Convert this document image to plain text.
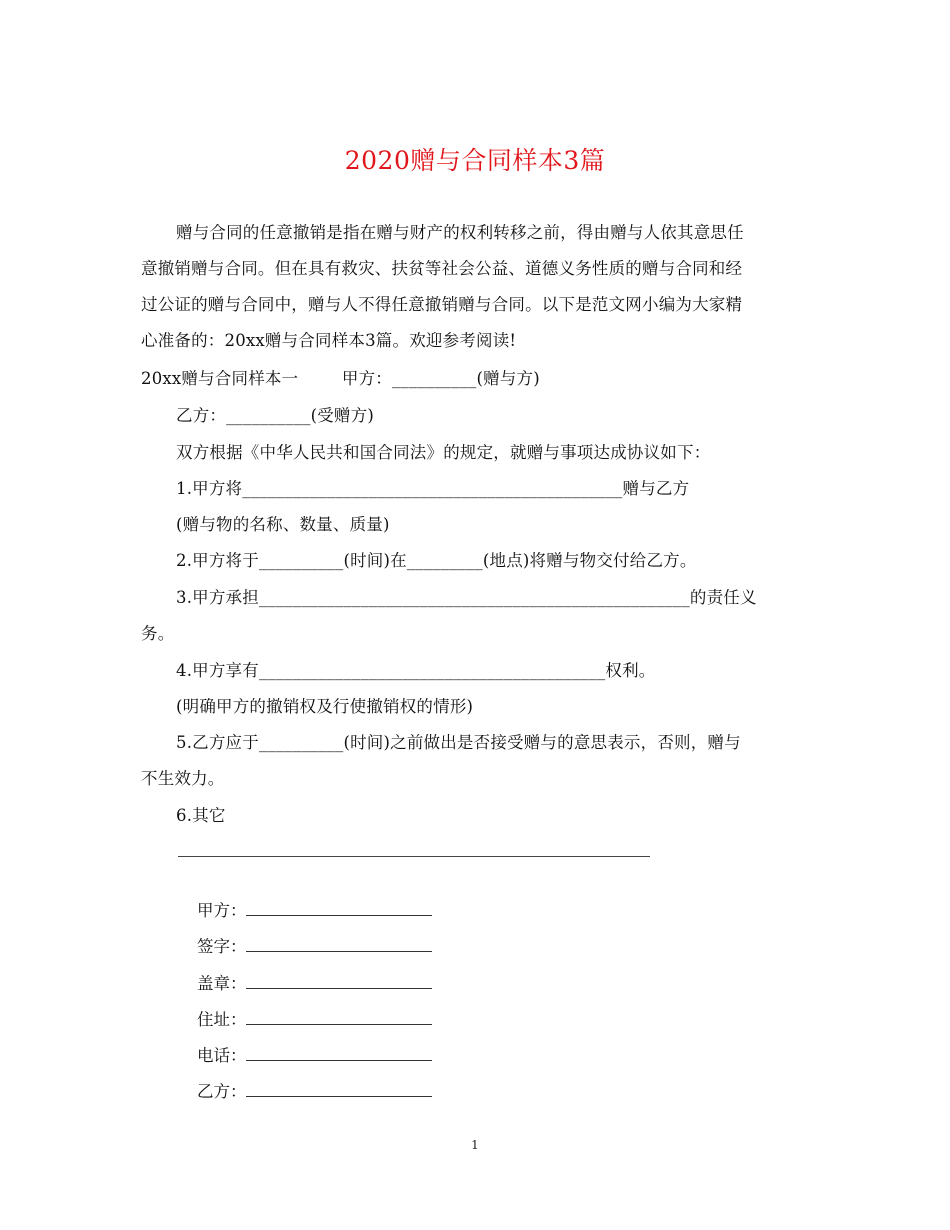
2020赠与合同样本3篇
赠与合同的任意撤销是指在赠与财产的权利转移之前，得由赠与人依其意思任
意撤销赠与合同。但在具有救灾、扶贫等社会公益、道德义务性质的赠与合同和经
过公证的赠与合同中，赠与人不得任意撤销赠与合同。以下是范文网小编为大家精
心准备的：20xx赠与合同样本3篇。欢迎参考阅读!
20xx赠与合同样本一        甲方：__________(赠与方)
乙方：__________(受赠方)
双方根据《中华人民共和国合同法》的规定，就赠与事项达成协议如下：
1.甲方将_____________________________________________赠与乙方
(赠与物的名称、数量、质量)
2.甲方将于__________(时间)在_________(地点)将赠与物交付给乙方。
3.甲方承担___________________________________________________的责任义
务。
4.甲方享有_________________________________________权利。
(明确甲方的撤销权及行使撤销权的情形)
5.乙方应于__________(时间)之前做出是否接受赠与的意思表示，否则，赠与
不生效力。
6.其它

甲方：

签字：

盖章：

住址：

电话：

乙方：

1
